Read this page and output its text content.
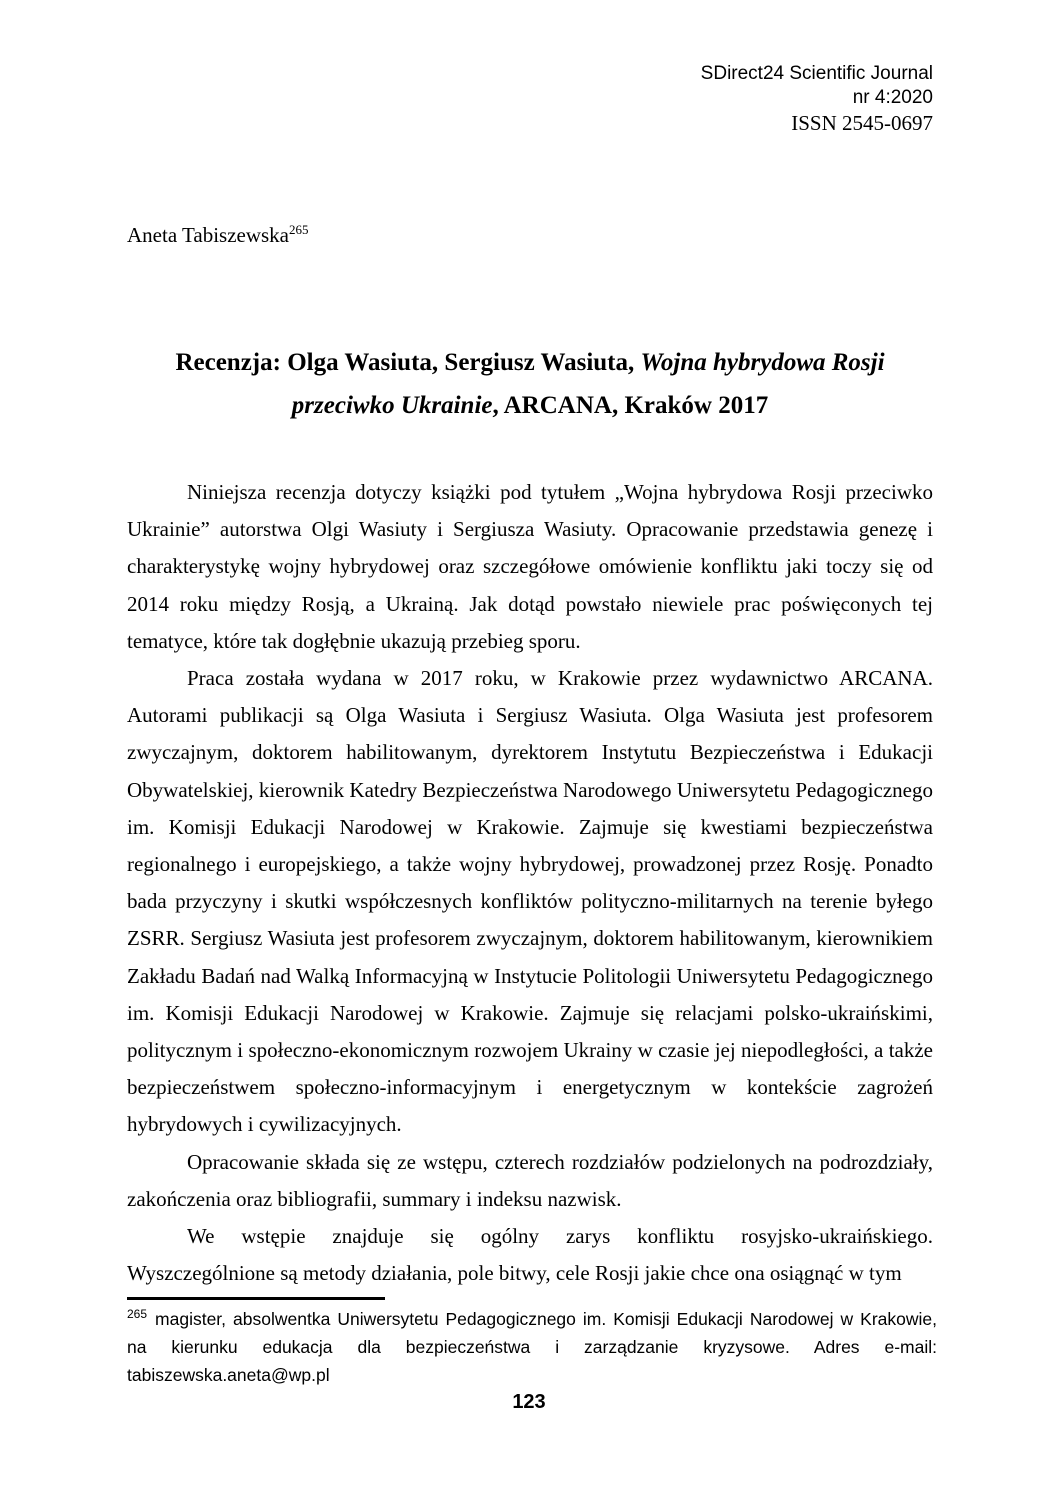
SDirect24 Scientific Journal
nr 4:2020
ISSN 2545-0697
Aneta Tabiszewska$^{265}$
Recenzja: Olga Wasiuta, Sergiusz Wasiuta, Wojna hybrydowa Rosji przeciwko Ukrainie, ARCANA, Kraków 2017

Niniejsza recenzja dotyczy książki pod tytułem „Wojna hybrydowa Rosji przeciwko Ukrainie” autorstwa Olgi Wasiuty i Sergiusza Wasiuty. Opracowanie przedstawia genezę i charakterystykę wojny hybrydowej oraz szczegółowe omówienie konfliktu jaki toczy się od 2014 roku między Rosją, a Ukrainą. Jak dotąd powstało niewiele prac poświęconych tej tematyce, które tak dogłębnie ukazują przebieg sporu.

Praca została wydana w 2017 roku, w Krakowie przez wydawnictwo ARCANA. Autorami publikacji są Olga Wasiuta i Sergiusz Wasiuta. Olga Wasiuta jest profesorem zwyczajnym, doktorem habilitowanym, dyrektorem Instytutu Bezpieczeństwa i Edukacji Obywatelskiej, kierownik Katedry Bezpieczeństwa Narodowego Uniwersytetu Pedagogicznego im. Komisji Edukacji Narodowej w Krakowie. Zajmuje się kwestiami bezpieczeństwa regionalnego i europejskiego, a także wojny hybrydowej, prowadzonej przez Rosję. Ponadto bada przyczyny i skutki współczesnych konfliktów polityczno-militarnych na terenie byłego ZSRR. Sergiusz Wasiuta jest profesorem zwyczajnym, doktorem habilitowanym, kierownikiem Zakładu Badań nad Walką Informacyjną w Instytucie Politologii Uniwersytetu Pedagogicznego im. Komisji Edukacji Narodowej w Krakowie. Zajmuje się relacjami polsko-ukraińskimi, politycznym i społeczno-ekonomicznym rozwojem Ukrainy w czasie jej niepodległości, a także bezpieczeństwem społeczno-informacyjnym i energetycznym w kontekście zagrożeń hybrydowych i cywilizacyjnych.

Opracowanie składa się ze wstępu, czterech rozdziałów podzielonych na podrozdziały, zakończenia oraz bibliografii, summary i indeksu nazwisk.

We wstępie znajduje się ogólny zarys konfliktu rosyjsko-ukraińskiego. Wyszczególnione są metody działania, pole bitwy, cele Rosji jakie chce ona osiągnąć w tym

$^{265}$ magister, absolwentka Uniwersytetu Pedagogicznego im. Komisji Edukacji Narodowej w Krakowie, na kierunku edukacja dla bezpieczeństwa i zarządzanie kryzysowe. Adres e-mail: tabiszewska.aneta@wp.pl
123
